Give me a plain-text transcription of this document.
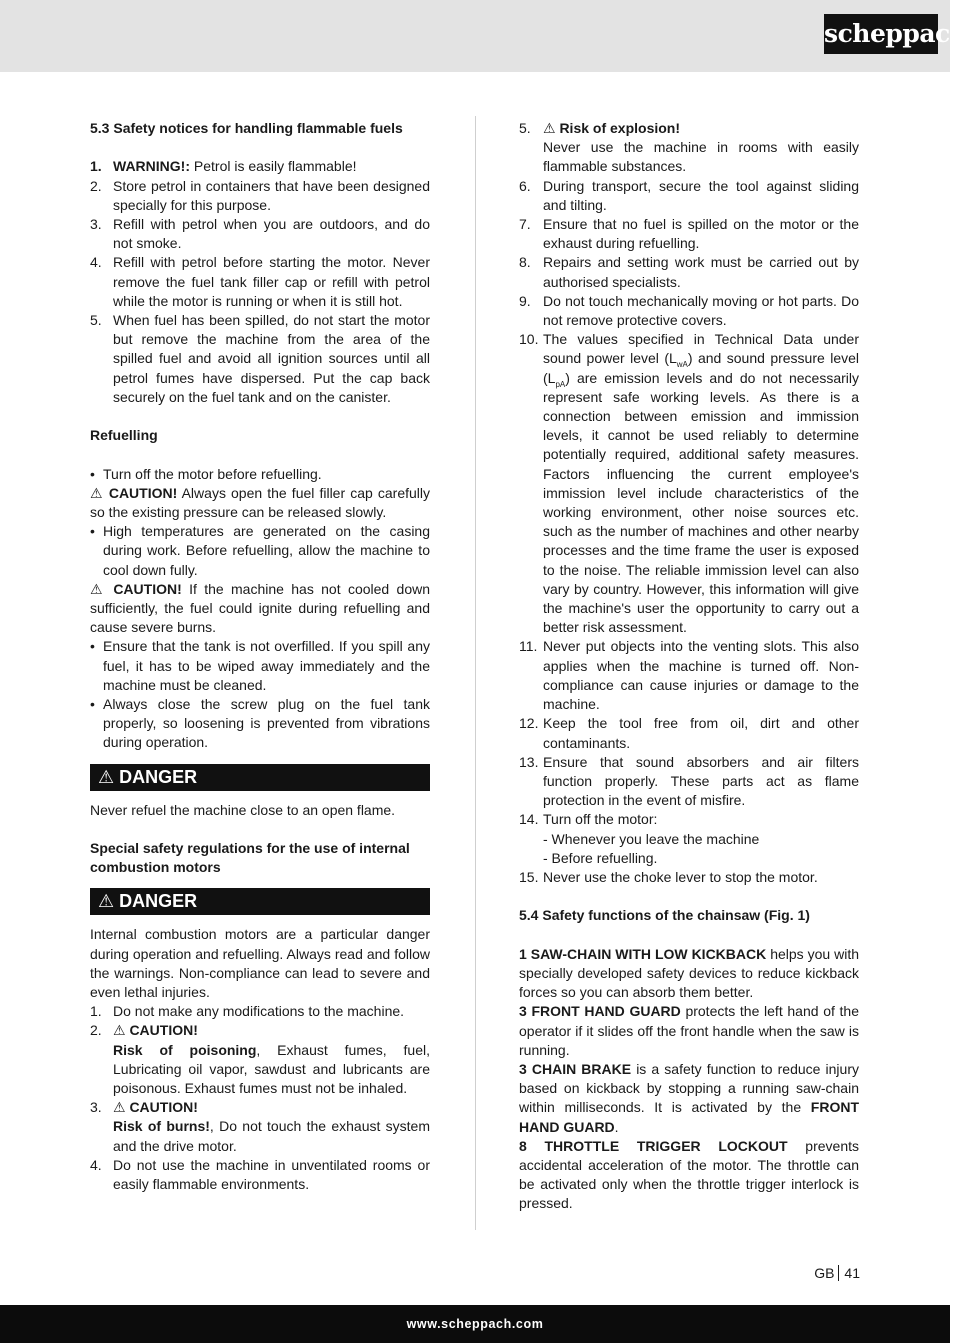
scheppach

5.3 Safety notices for handling flammable fuels

1. WARNING!: Petrol is easily flammable!
2. Store petrol in containers that have been designed specially for this purpose.
3. Refill with petrol when you are outdoors, and do not smoke.
4. Refill with petrol before starting the motor. Never remove the fuel tank filler cap or refill with petrol while the motor is running or when it is still hot.
5. When fuel has been spilled, do not start the motor but remove the machine from the area of the spilled fuel and avoid all ignition sources until all petrol fumes have dispersed. Put the cap back securely on the fuel tank and on the canister.

Refuelling

• Turn off the motor before refuelling.

⚠ CAUTION! Always open the fuel filler cap carefully so the existing pressure can be released slowly.

• High temperatures are generated on the casing during work. Before refuelling, allow the machine to cool down fully.

⚠ CAUTION! If the machine has not cooled down sufficiently, the fuel could ignite during refuelling and cause severe burns.

• Ensure that the tank is not overfilled. If you spill any fuel, it has to be wiped away immediately and the machine must be cleaned.
• Always close the screw plug on the fuel tank properly, so loosening is prevented from vibrations during operation.
⚠ DANGER

Never refuel the machine close to an open flame.

Special safety regulations for the use of internal combustion motors

⚠ DANGER

Internal combustion motors are a particular danger during operation and refuelling. Always read and follow the warnings. Non-compliance can lead to severe and even lethal injuries.

1. Do not make any modifications to the machine.
2. ⚠ CAUTION!
Risk of poisoning, Exhaust fumes, fuel, Lubricating oil vapor, sawdust and lubricants are poisonous. Exhaust fumes must not be inhaled.
3. ⚠ CAUTION!
Risk of burns!, Do not touch the exhaust system and the drive motor.
4. Do not use the machine in unventilated rooms or easily flammable environments.
5. ⚠ Risk of explosion!
Never use the machine in rooms with easily flammable substances.
6. During transport, secure the tool against sliding and tilting.
7. Ensure that no fuel is spilled on the motor or the exhaust during refuelling.
8. Repairs and setting work must be carried out by authorised specialists.
9. Do not touch mechanically moving or hot parts. Do not remove protective covers.
10. The values specified in Technical Data under sound power level $(L_{wA})$ and sound pressure level $(L_{pA})$ are emission levels and do not necessarily represent safe working levels. As there is a connection between emission and immission levels, it cannot be used reliably to determine potentially required, additional safety measures. Factors influencing the current employee's immission level include characteristics of the working environment, other noise sources etc. such as the number of machines and other nearby processes and the time frame the user is exposed to the noise. The reliable immission level can also vary by country. However, this information will give the machine's user the opportunity to carry out a better risk assessment.
11. Never put objects into the venting slots. This also applies when the machine is turned off. Non-compliance can cause injuries or damage to the machine.
12. Keep the tool free from oil, dirt and other contaminants.
13. Ensure that sound absorbers and air filters function properly. These parts act as flame protection in the event of misfire.
14. Turn off the motor:
- Whenever you leave the machine
- Before refuelling.
15. Never use the choke lever to stop the motor.

5.4 Safety functions of the chainsaw (Fig. 1)

1 SAW-CHAIN WITH LOW KICKBACK helps you with specially developed safety devices to reduce kickback forces so you can absorb them better.

3 FRONT HAND GUARD protects the left hand of the operator if it slides off the front handle when the saw is running.

3 CHAIN BRAKE is a safety function to reduce injury based on kickback by stopping a running saw-chain within milliseconds. It is activated by the FRONT HAND GUARD.

8 THROTTLE TRIGGER LOCKOUT prevents accidental acceleration of the motor. The throttle can be activated only when the throttle trigger interlock is pressed.

GB 41
www.scheppach.com
